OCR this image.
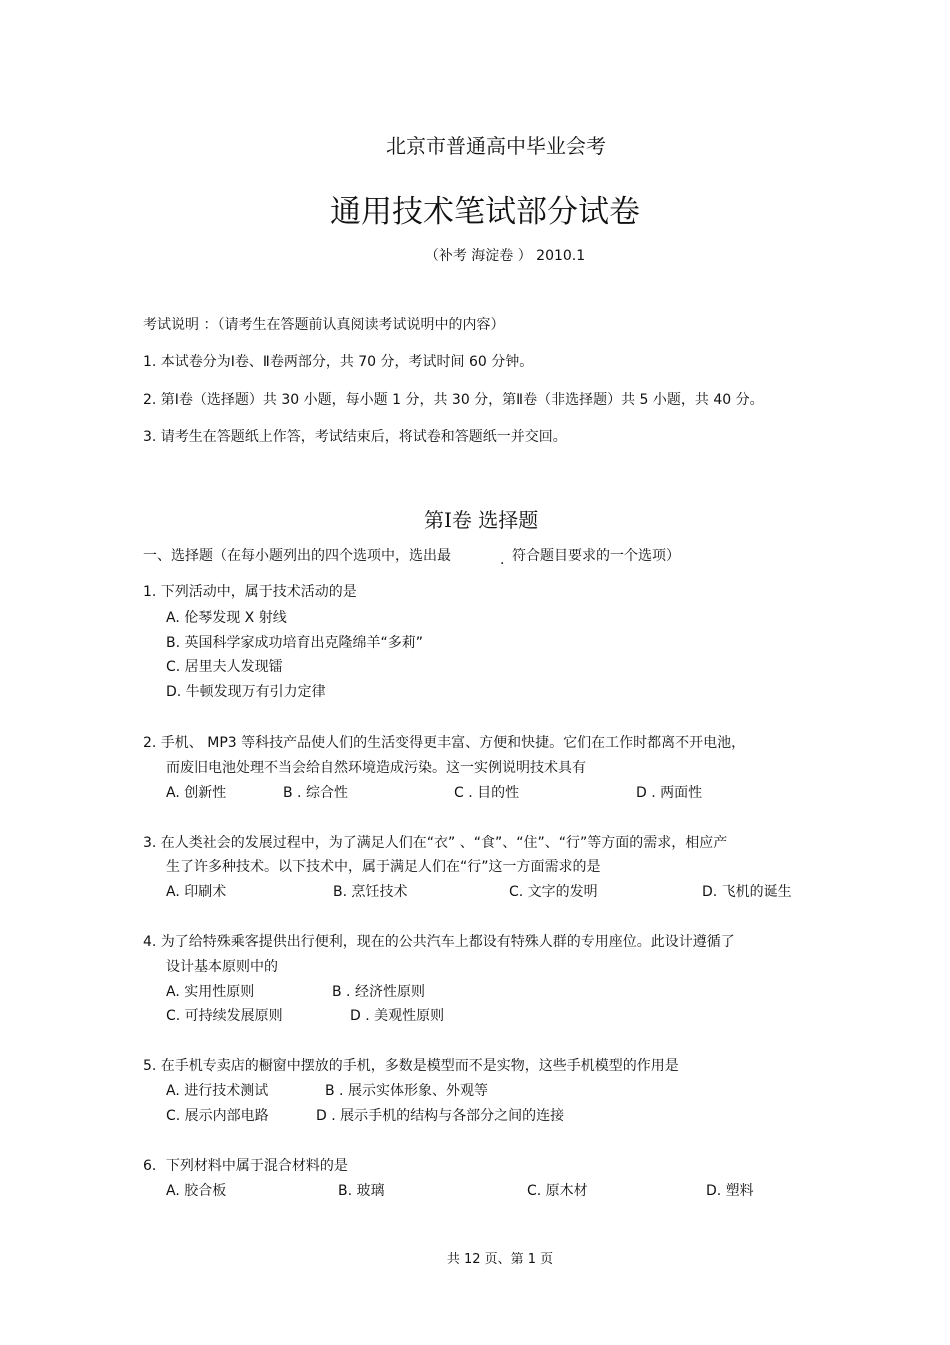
北京市普通高中毕业会考
通用技术笔试部分试卷
（补考 海淀卷 ） 2010.1
考试说明 ：（请考生在答题前认真阅读考试说明中的内容）
1. 本试卷分为Ⅰ卷、Ⅱ卷两部分，共 70 分，考试时间 60 分钟。
2. 第Ⅰ卷（选择题）共 30 小题，每小题 1 分，共 30 分，第Ⅱ卷（非选择题）共 5 小题，共 40 分。
3. 请考生在答题纸上作答，考试结束后，将试卷和答题纸一并交回。
第Ⅰ卷 选择题
一、选择题（在每小题列出的四个选项中，选出最	. 符合题目要求的一个选项）
1. 下列活动中，属于技术活动的是
A. 伦琴发现 X 射线
B. 英国科学家成功培育出克隆绵羊“多莉”
C. 居里夫人发现镭
D. 牛顿发现万有引力定律
2. 手机、 MP3 等科技产品使人们的生活变得更丰富、方便和快捷。它们在工作时都离不开电池，
而废旧电池处理不当会给自然环境造成污染。这一实例说明技术具有
A. 创新性	B . 综合性	C . 目的性	D . 两面性
3. 在人类社会的发展过程中，为了满足人们在“衣” 、“食”、“住”、“行”等方面的需求，相应产
生了许多种技术。以下技术中，属于满足人们在“行”这一方面需求的是
A. 印刷术	B. 烹饪技术	C. 文字的发明	D. 飞机的诞生
4. 为了给特殊乘客提供出行便利，现在的公共汽车上都设有特殊人群的专用座位。此设计遵循了
设计基本原则中的
A. 实用性原则	B . 经济性原则
C. 可持续发展原则	D . 美观性原则
5. 在手机专卖店的橱窗中摆放的手机，多数是模型而不是实物，这些手机模型的作用是
A. 进行技术测试	B . 展示实体形象、外观等
C. 展示内部电路	D . 展示手机的结构与各部分之间的连接
6．下列材料中属于混合材料的是
A. 胶合板	B. 玻璃	C. 原木材	D. 塑料
共 12 页、第 1 页
